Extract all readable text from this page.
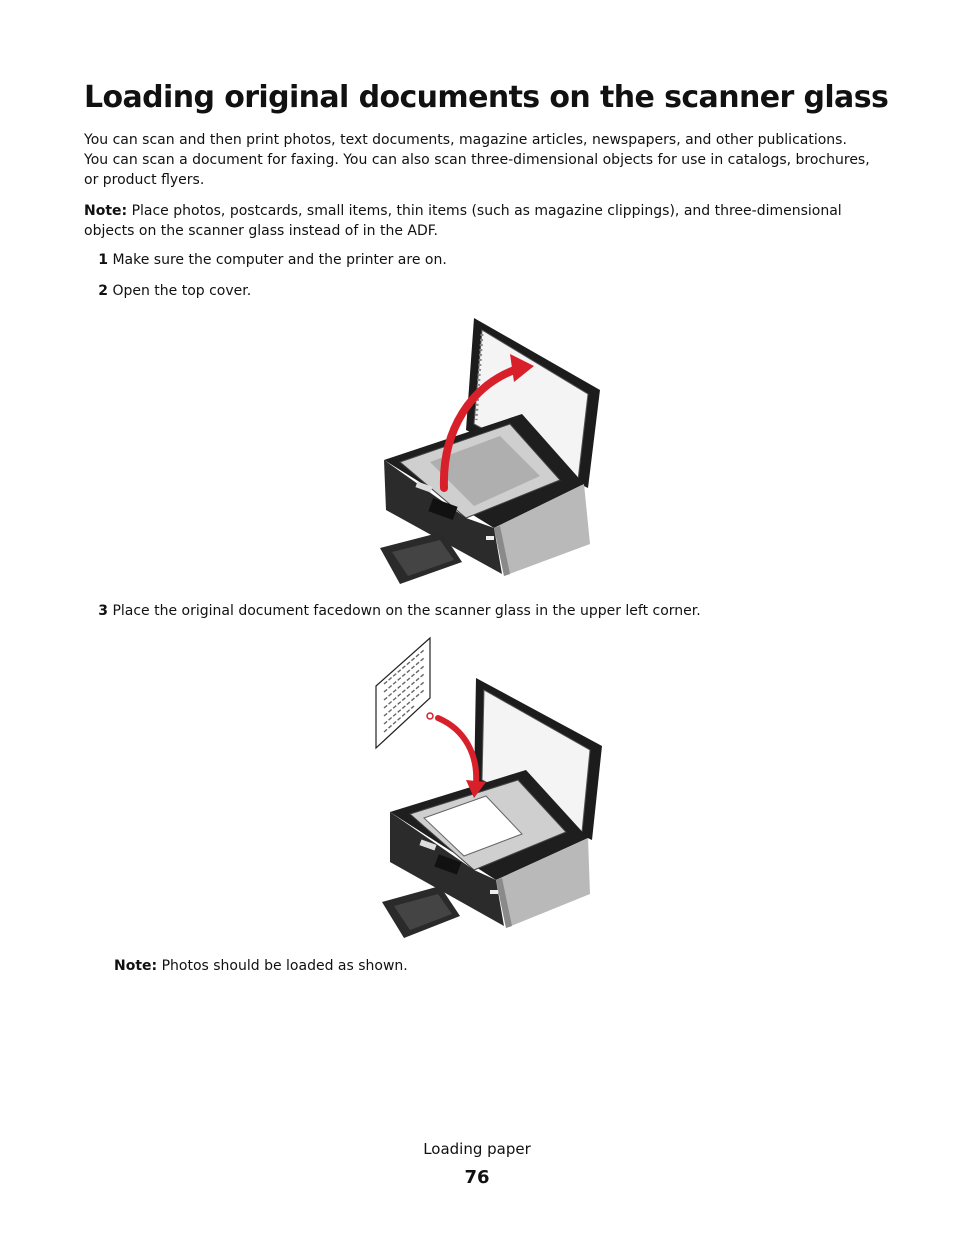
Loading original documents on the scanner glass

You can scan and then print photos, text documents, magazine articles, newspapers, and other publications. You can scan a document for faxing. You can also scan three-dimensional objects for use in catalogs, brochures, or product flyers.

Note: Place photos, postcards, small items, thin items (such as magazine clippings), and three-dimensional objects on the scanner glass instead of in the ADF.

1 Make sure the computer and the printer are on.
2 Open the top cover.
3 Place the original document facedown on the scanner glass in the upper left corner.
Note: Photos should be loaded as shown.
Loading paper
76
